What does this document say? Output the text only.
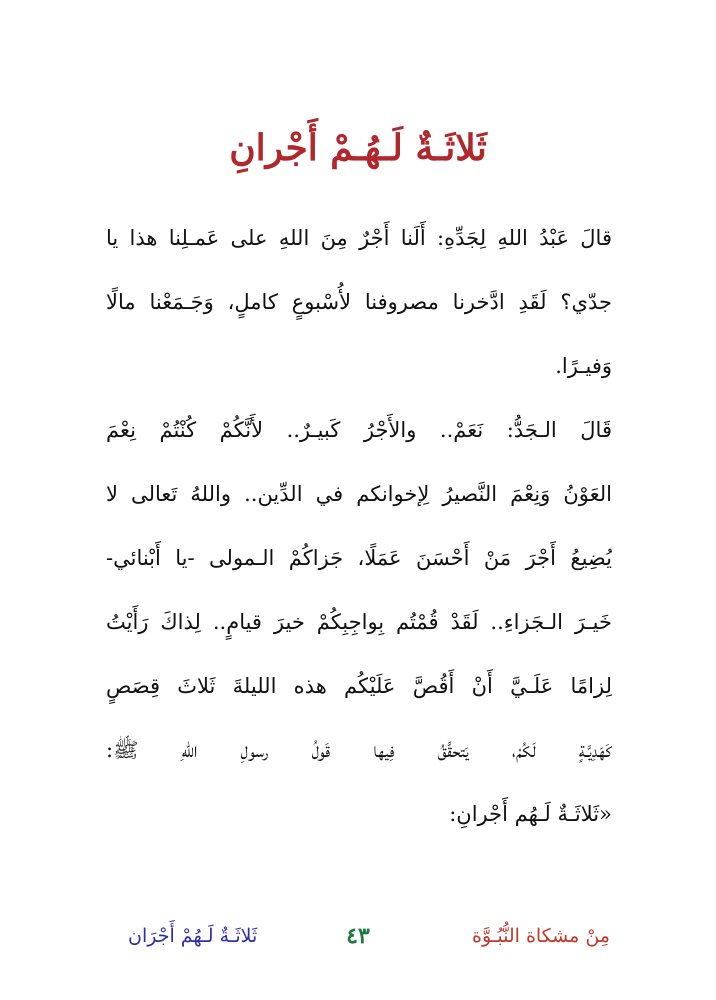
ثَلاثَـةٌ لَـهُـمْ أَجْرانِ
قالَ عَبْدُ اللهِ لِجَدِّهِ: أَلَنا أَجْرٌ مِنَ اللهِ على عَمـلِنا هذا يا
جدّي؟ لَقَدِ ادَّخرنا مصروفنا لأُسْبوعٍ كاملٍ، وَجَـمَعْنا مالًا
وَفيـرًا.
قَالَ الـجَدُّ: نَعَمْ.. والأَجْرُ كَبيـرٌ.. لأَنَّكُمْ كُنْتُمْ نِعْمَ
العَوْنُ وَنِعْمَ النَّصيرُ لِإخوانكم في الدِّين.. واللهُ تَعالى لا
يُضِيعُ أَجْرَ مَنْ أَحْسَنَ عَمَلًا، جَزاكُمْ الـمولى -يا أَبْنائي-
خَيـرَ الـجَزاءِ.. لَقَدْ قُمْتُم بِواجِبِكُمْ خيرَ قيامٍ.. لِذاكَ رَأَيْتُ
لِزامًا عَلَـيَّ أَنْ أَقُصَّ عَلَيْكُم هذه الليلةَ ثَلاثَ قِصَصٍ
كَهَدِيَّـةٍ لَكُمْ، يَتحقَّقُ فِيها قَولُ رسولِ اللهِ ﷺ:
«ثَلاثَـةٌ لَـهُم أَجْرانِ:
مِنْ مشكاة النُّبُـوَّة
٤٣
ثَلاثَـةٌ لَـهُمْ أَجْرَان
